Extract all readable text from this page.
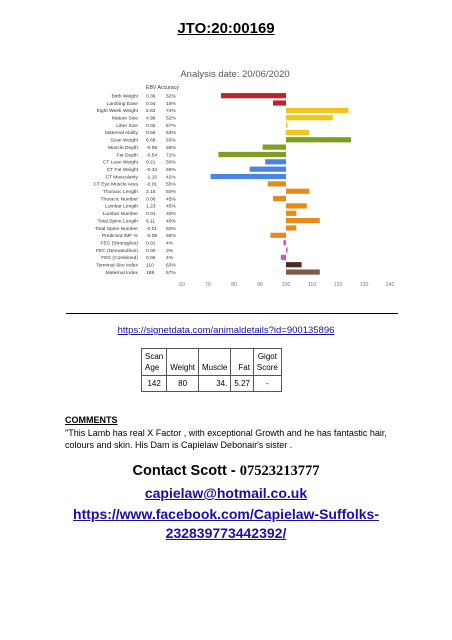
JTO:20:00169
Analysis date: 20/06/2020
EBV Accuracy
Birth Weight 0.36 52%
Lambing Ease 0.04 18%
Eight Week Weight 2.63 74%
Mature Size 4.98 52%
Litter Size 0.02 57%
Maternal Ability 0.56 63%
Scan Weight 6.68 63%
Muscle Depth -0.99 65%
Fat Depth -0.54 72%
CT Lean Weight 0.21 50%
CT Fat Weight -0.34 65%
CT Muscularity -1.15 42%
CT Eye Muscle Area -0.01 55%
Thoracic Length 2.16 50%
Thoracic Number 0.06 45%
Lumbar Length 1.23 45%
Lumbar Number 0.01 33%
Total Spine Length 6.11 40%
Total Spine Number -0.01 50%
Predicted IMF % -0.08 55%
FEC (Strongyles) 0.01 4%
FEC (Nematodirus) 0.00 3%
FEC (Combined) 0.02 4%
Terminal Sire Index 110 63%
Maternal Index 188 57%
60	70	80	90	100	110	120	130	140
https://signetdata.com/animaldetails?id=900135896
Scan
Age	Weight	Muscle	Fat	Gigot
Score
142	80	34.	5.27	-
COMMENTS
"This Lamb has real X Factor , with exceptional Growth and he has fantastic hair, colours and skin. His Dam is Capielaw Debonair's sister .
Contact Scott - 07523213777
capielaw@hotmail.co.uk
https://www.facebook.com/Capielaw-Suffolks-
232839773442392/
